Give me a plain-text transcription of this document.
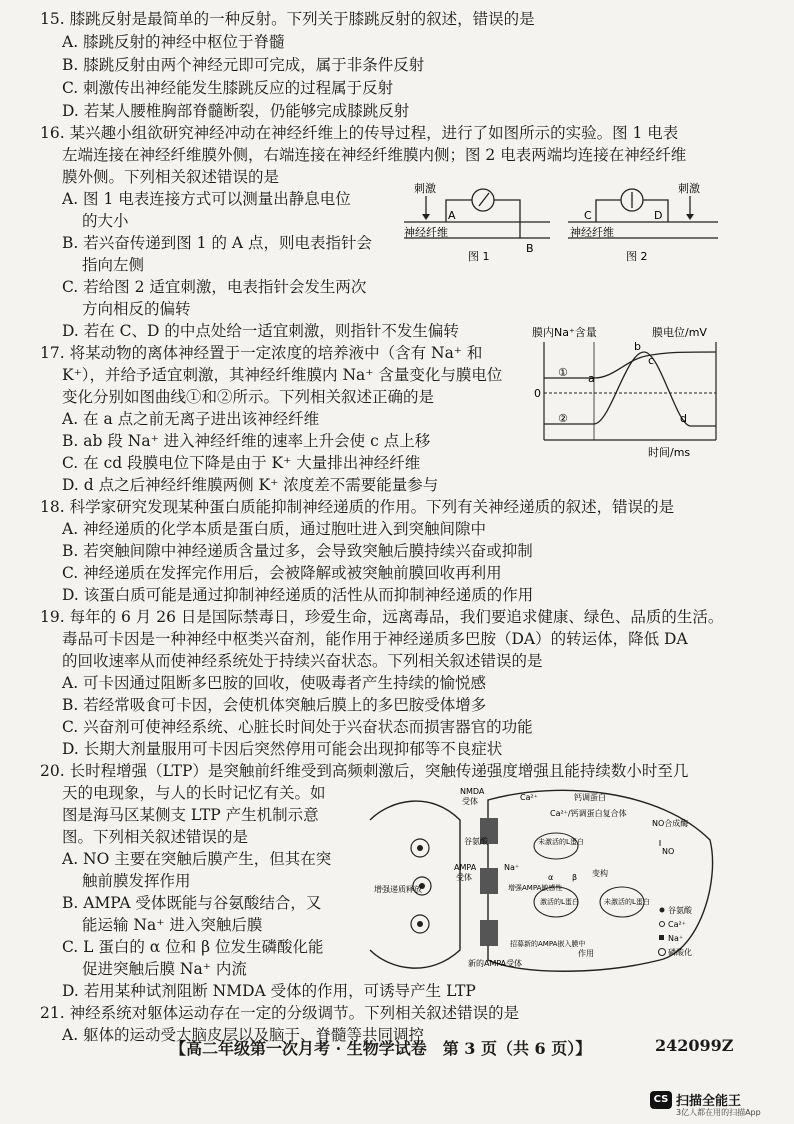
15. 膝跳反射是最简单的一种反射。下列关于膝跳反射的叙述，错误的是
A. 膝跳反射的神经中枢位于脊髓
B. 膝跳反射由两个神经元即可完成，属于非条件反射
C. 刺激传出神经能发生膝跳反应的过程属于反射
D. 若某人腰椎胸部脊髓断裂，仍能够完成膝跳反射
16. 某兴趣小组欲研究神经冲动在神经纤维上的传导过程，进行了如图所示的实验。图 1 电表
左端连接在神经纤维膜外侧，右端连接在神经纤维膜内侧；图 2 电表两端均连接在神经纤维
膜外侧。下列相关叙述错误的是
A. 图 1 电表连接方式可以测量出静息电位
的大小
B. 若兴奋传递到图 1 的 A 点，则电表指针会
指向左侧
C. 若给图 2 适宜刺激，电表指针会发生两次
方向相反的偏转
D. 若在 C、D 的中点处给一适宜刺激，则指针不发生偏转
刺激
A
B
神经纤维
图 1
刺激
C	D
神经纤维
图 2
17. 将某动物的离体神经置于一定浓度的培养液中（含有 Na⁺ 和
K⁺），并给予适宜刺激，其神经纤维膜内 Na⁺ 含量变化与膜电位
变化分别如图曲线①和②所示。下列相关叙述正确的是
A. 在 a 点之前无离子进出该神经纤维
B. ab 段 Na⁺ 进入神经纤维的速率上升会使 c 点上移
C. 在 cd 段膜电位下降是由于 K⁺ 大量排出神经纤维
D. d 点之后神经纤维膜两侧 K⁺ 浓度差不需要能量参与
膜内Na⁺含量	膜电位/mV
0
①
②
a
b
c
d
时间/ms
18. 科学家研究发现某种蛋白质能抑制神经递质的作用。下列有关神经递质的叙述，错误的是
A. 神经递质的化学本质是蛋白质，通过胞吐进入到突触间隙中
B. 若突触间隙中神经递质含量过多，会导致突触后膜持续兴奋或抑制
C. 神经递质在发挥完作用后，会被降解或被突触前膜回收再利用
D. 该蛋白质可能是通过抑制神经递质的活性从而抑制神经递质的作用
19. 每年的 6 月 26 日是国际禁毒日，珍爱生命，远离毒品，我们要追求健康、绿色、品质的生活。
毒品可卡因是一种神经中枢类兴奋剂，能作用于神经递质多巴胺（DA）的转运体，降低 DA
的回收速率从而使神经系统处于持续兴奋状态。下列相关叙述错误的是
A. 可卡因通过阻断多巴胺的回收，使吸毒者产生持续的愉悦感
B. 若经常吸食可卡因，会使机体突触后膜上的多巴胺受体增多
C. 兴奋剂可使神经系统、心脏长时间处于兴奋状态而损害器官的功能
D. 长期大剂量服用可卡因后突然停用可能会出现抑郁等不良症状
20. 长时程增强（LTP）是突触前纤维受到高频刺激后，突触传递强度增强且能持续数小时至几
天的电现象，与人的长时记忆有关。如
图是海马区某侧支 LTP 产生机制示意
图。下列相关叙述错误的是
A. NO 主要在突触后膜产生，但其在突
触前膜发挥作用
B. AMPA 受体既能与谷氨酸结合，又
能运输 Na⁺ 进入突触后膜
C. L 蛋白的 α 位和 β 位发生磷酸化能
促进突触后膜 Na⁺ 内流
D. 若用某种试剂阻断 NMDA 受体的作用，可诱导产生 LTP
增强递质释放
NMDA
受体
AMPA
受体
新的AMPA受体
谷氨酸
Na⁺
Ca²⁺	钙调蛋白
Ca²⁺/钙调蛋白复合体
NO合成酶
NO
未激活的L蛋白
激活的L蛋白	未激活的L蛋白
变构
α β
增强AMPA敏感性
招募新的AMPA嵌入膜中
作用
谷氨酸
Ca²⁺
Na⁺
磷酸化
21. 神经系统对躯体运动存在一定的分级调节。下列相关叙述错误的是
【高二年级第一次月考 · 生物学试卷　第 3 页（共 6 页）】	242099Z
CS 扫描全能王
3亿人都在用的扫描App
A. 躯体的运动受大脑皮层以及脑干、脊髓等共同调控
